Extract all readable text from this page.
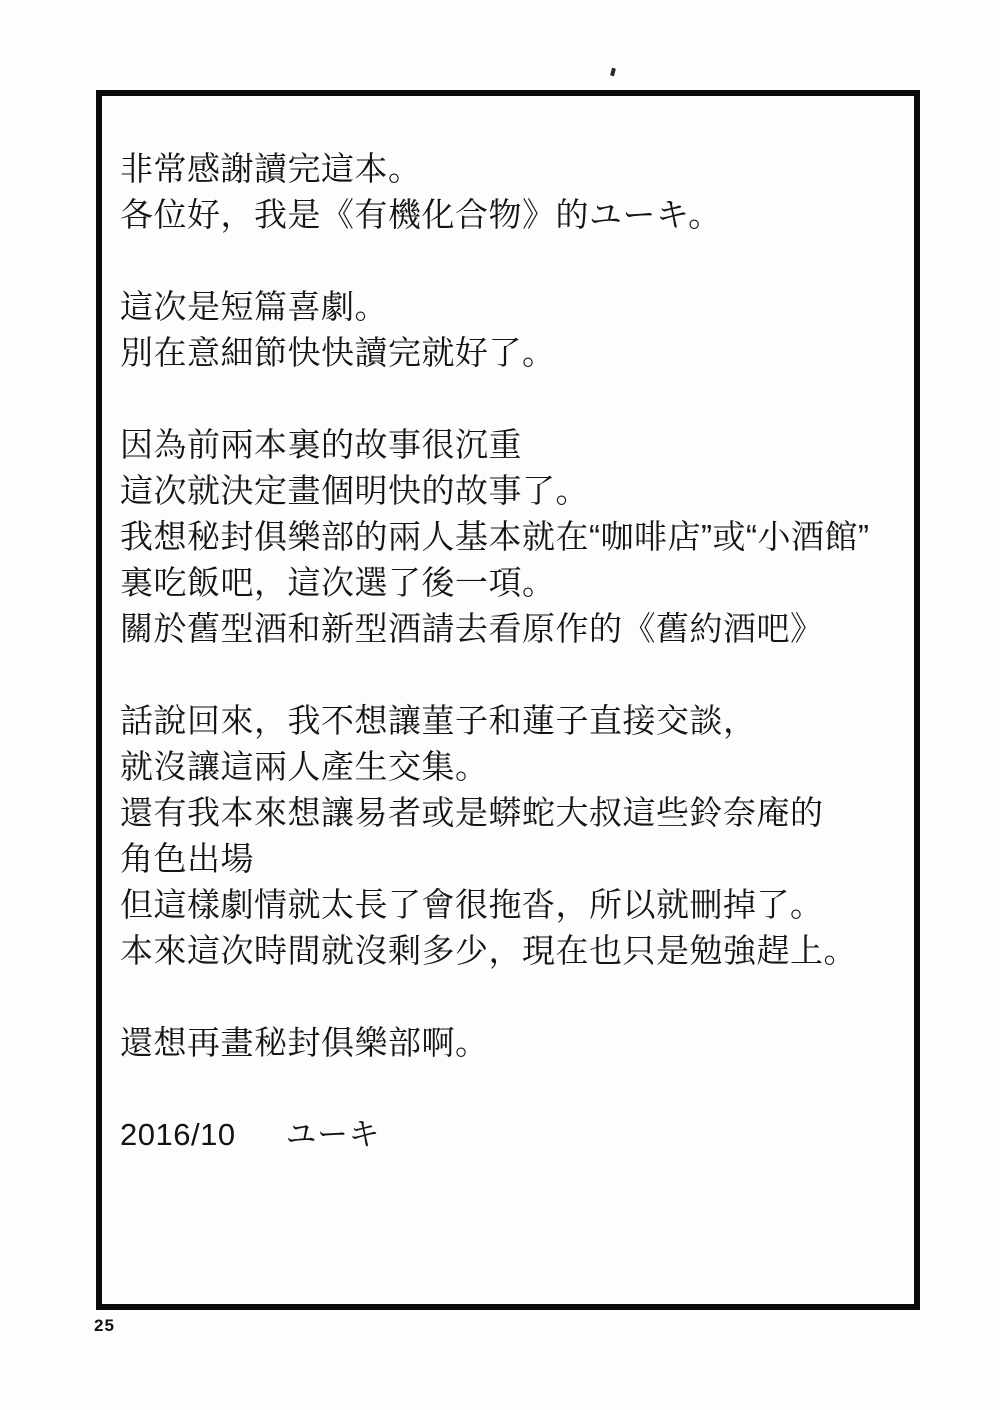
非常感謝讀完這本。
各位好，我是《有機化合物》的ユーキ。
這次是短篇喜劇。
別在意細節快快讀完就好了。
因為前兩本裏的故事很沉重
這次就決定畫個明快的故事了。
我想秘封俱樂部的兩人基本就在“咖啡店”或“小酒館”
裏吃飯吧，這次選了後一項。
關於舊型酒和新型酒請去看原作的《舊約酒吧》
話說回來，我不想讓菫子和蓮子直接交談，
就沒讓這兩人產生交集。
還有我本來想讓易者或是蟒蛇大叔這些鈴奈庵的
角色出場
但這樣劇情就太長了會很拖沓，所以就刪掉了。
本來這次時間就沒剩多少，現在也只是勉強趕上。
還想再畫秘封俱樂部啊。
2016/10 ユーキ
25
